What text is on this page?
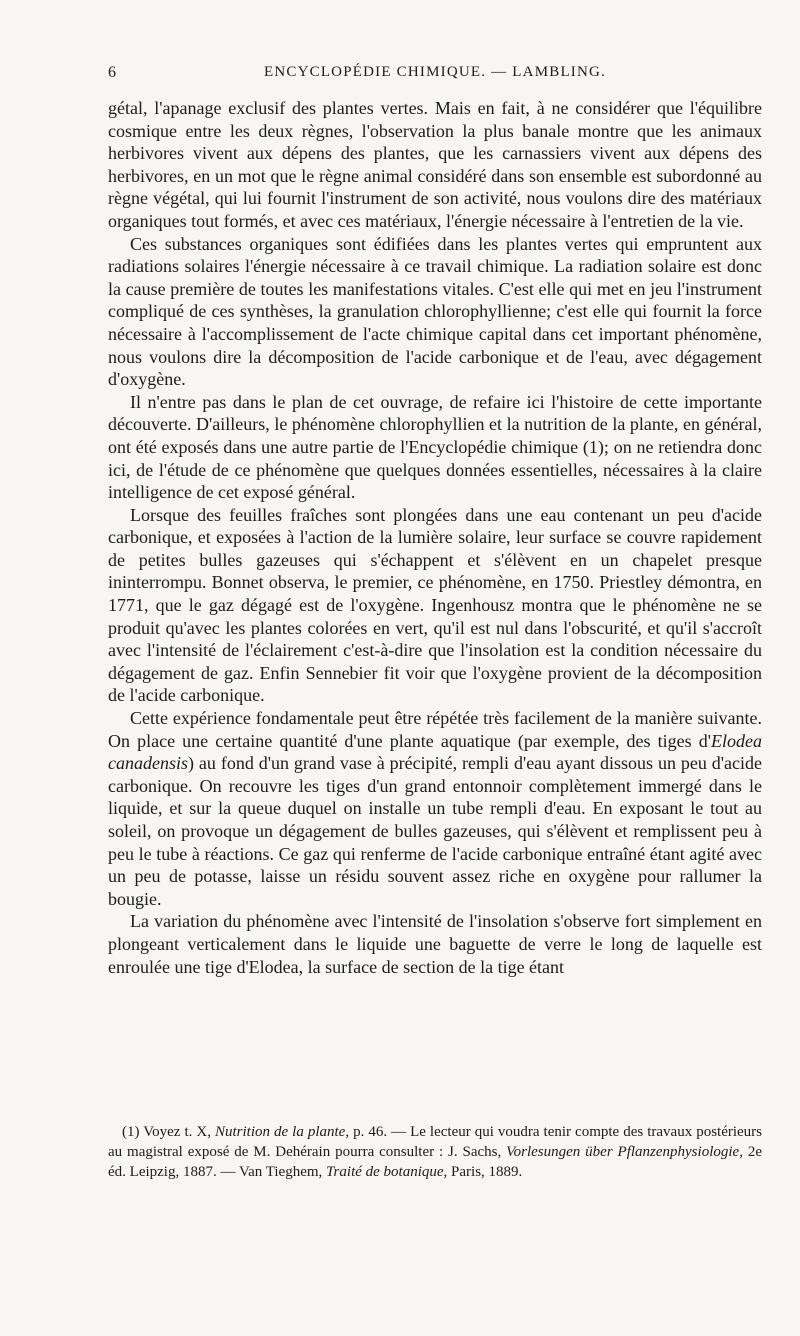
6	ENCYCLOPÉDIE CHIMIQUE. — LAMBLING.

gétal, l'apanage exclusif des plantes vertes. Mais en fait, à ne considérer que l'équilibre cosmique entre les deux règnes, l'observation la plus banale montre que les animaux herbivores vivent aux dépens des plantes, que les carnassiers vivent aux dépens des herbivores, en un mot que le règne animal considéré dans son ensemble est subordonné au règne végétal, qui lui fournit l'instrument de son activité, nous voulons dire des matériaux organiques tout formés, et avec ces matériaux, l'énergie nécessaire à l'entretien de la vie.

Ces substances organiques sont édifiées dans les plantes vertes qui empruntent aux radiations solaires l'énergie nécessaire à ce travail chimique. La radiation solaire est donc la cause première de toutes les manifestations vitales. C'est elle qui met en jeu l'instrument compliqué de ces synthèses, la granulation chlorophyllienne; c'est elle qui fournit la force nécessaire à l'accomplissement de l'acte chimique capital dans cet important phénomène, nous voulons dire la décomposition de l'acide carbonique et de l'eau, avec dégagement d'oxygène.

Il n'entre pas dans le plan de cet ouvrage, de refaire ici l'histoire de cette importante découverte. D'ailleurs, le phénomène chlorophyllien et la nutrition de la plante, en général, ont été exposés dans une autre partie de l'Encyclopédie chimique (1); on ne retiendra donc ici, de l'étude de ce phénomène que quelques données essentielles, nécessaires à la claire intelligence de cet exposé général.

Lorsque des feuilles fraîches sont plongées dans une eau contenant un peu d'acide carbonique, et exposées à l'action de la lumière solaire, leur surface se couvre rapidement de petites bulles gazeuses qui s'échappent et s'élèvent en un chapelet presque ininterrompu. Bonnet observa, le premier, ce phénomène, en 1750. Priestley démontra, en 1771, que le gaz dégagé est de l'oxygène. Ingenhousz montra que le phénomène ne se produit qu'avec les plantes colorées en vert, qu'il est nul dans l'obscurité, et qu'il s'accroît avec l'intensité de l'éclairement c'est-à-dire que l'insolation est la condition nécessaire du dégagement de gaz. Enfin Sennebier fit voir que l'oxygène provient de la décomposition de l'acide carbonique.

Cette expérience fondamentale peut être répétée très facilement de la manière suivante. On place une certaine quantité d'une plante aquatique (par exemple, des tiges d'Elodea canadensis) au fond d'un grand vase à précipité, rempli d'eau ayant dissous un peu d'acide carbonique. On recouvre les tiges d'un grand entonnoir complètement immergé dans le liquide, et sur la queue duquel on installe un tube rempli d'eau. En exposant le tout au soleil, on provoque un dégagement de bulles gazeuses, qui s'élèvent et remplissent peu à peu le tube à réactions. Ce gaz qui renferme de l'acide carbonique entraîné étant agité avec un peu de potasse, laisse un résidu souvent assez riche en oxygène pour rallumer la bougie.

La variation du phénomène avec l'intensité de l'insolation s'observe fort simplement en plongeant verticalement dans le liquide une baguette de verre le long de laquelle est enroulée une tige d'Elodea, la surface de section de la tige étant

(1) Voyez t. X, Nutrition de la plante, p. 46. — Le lecteur qui voudra tenir compte des travaux postérieurs au magistral exposé de M. Dehérain pourra consulter : J. Sachs, Vorlesungen über Pflanzenphysiologie, 2e éd. Leipzig, 1887. — Van Tieghem, Traité de botanique, Paris, 1889.
